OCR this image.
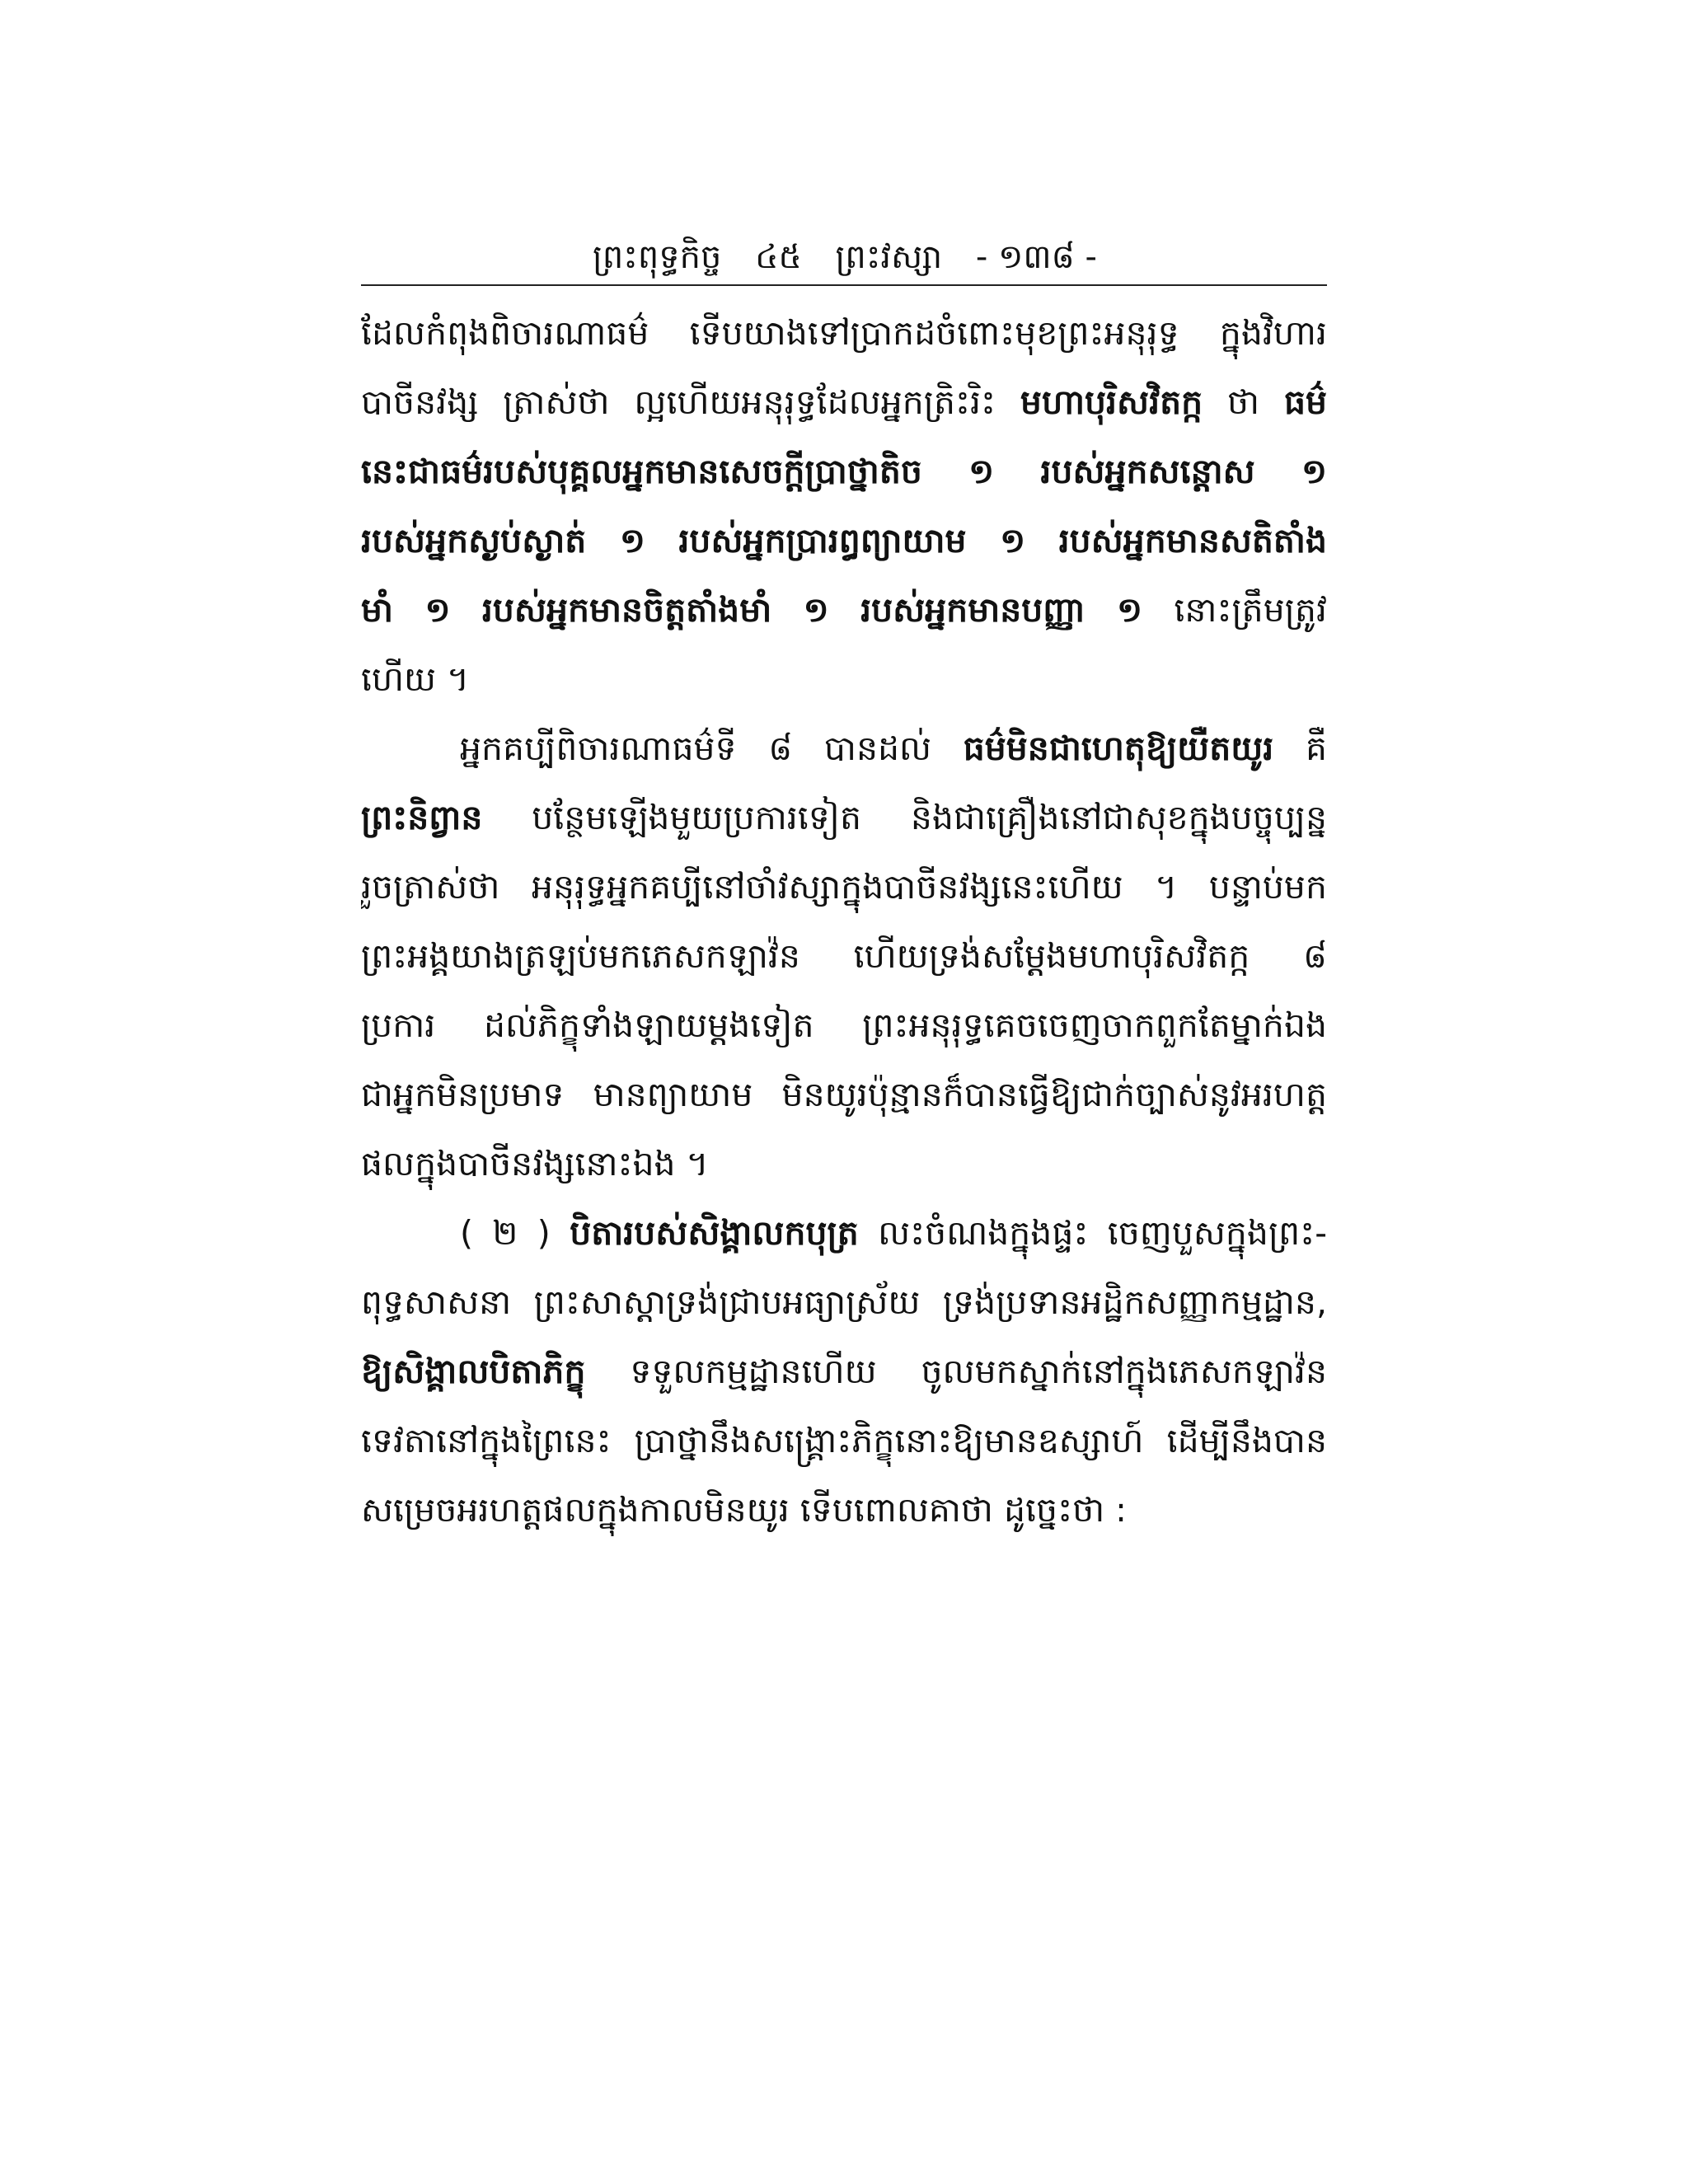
ព្រះពុទ្ធកិច្ច ៤៥ ព្រះវស្សា - ១៣៨ -
ដែលកំពុងពិចារណាធម៌ ទើបយាងទៅប្រាកដចំពោះមុខព្រះអនុរុទ្ធ ក្នុងវិហារ
បាចីនវង្ស ត្រាស់ថា ល្អហើយអនុរុទ្ធដែលអ្នកត្រិះរិះ មហាបុរិសវិតក្ក ថា ធម៌
នេះជាធម៌របស់បុគ្គលអ្នកមានសេចក្តីប្រាថ្នាតិច ១ របស់អ្នកសន្តោស ១
របស់អ្នកស្ងប់ស្ងាត់ ១ របស់អ្នកប្រារព្ធព្យាយាម ១ របស់អ្នកមានសតិតាំង
មាំ ១ របស់អ្នកមានចិត្តតាំងមាំ ១ របស់អ្នកមានបញ្ញា ១ នោះត្រឹមត្រូវ
ហើយ ។
អ្នកគប្បីពិចារណាធម៌ទី ៨ បានដល់ ធម៌មិនជាហេតុឱ្យយឺតយូរ គឺ
ព្រះនិព្វាន បន្ថែមឡើងមួយប្រការទៀត និងជាគ្រឿងនៅជាសុខក្នុងបច្ចុប្បន្ន
រួចត្រាស់ថា អនុរុទ្ធអ្នកគប្បីនៅចាំវស្សាក្នុងបាចីនវង្សនេះហើយ ។ បន្ទាប់មក
ព្រះអង្គយាងត្រឡប់មកភេសកឡាវ៉ន ហើយទ្រង់សម្តែងមហាបុរិសវិតក្ក ៨
ប្រការ ដល់ភិក្ខុទាំងឡាយម្តងទៀត ព្រះអនុរុទ្ធគេចចេញចាកពួកតែម្នាក់ឯង
ជាអ្នកមិនប្រមាទ មានព្យាយាម មិនយូរប៉ុន្មានក៏បានធ្វើឱ្យជាក់ច្បាស់នូវអរហត្ត
ផលក្នុងបាចីនវង្សនោះឯង ។
( ២ ) បិតារបស់សិង្គាលកបុត្រ លះចំណងក្នុងផ្ទះ ចេញបួសក្នុងព្រះ-
ពុទ្ធសាសនា ព្រះសាស្តាទ្រង់ជ្រាបអធ្យាស្រ័យ ទ្រង់ប្រទានអដ្ឋិកសញ្ញាកម្មដ្ឋាន,
ឱ្យសិង្គាលបិតាភិក្ខុ ទទួលកម្មដ្ឋានហើយ ចូលមកស្នាក់នៅក្នុងភេសកឡាវ៉ន
ទេវតានៅក្នុងព្រៃនេះ ប្រាថ្នានឹងសង្គ្រោះភិក្ខុនោះឱ្យមានឧស្សាហ៍ ដើម្បីនឹងបាន
សម្រេចអរហត្តផលក្នុងកាលមិនយូរ ទើបពោលគាថា ដូច្នេះថា :
